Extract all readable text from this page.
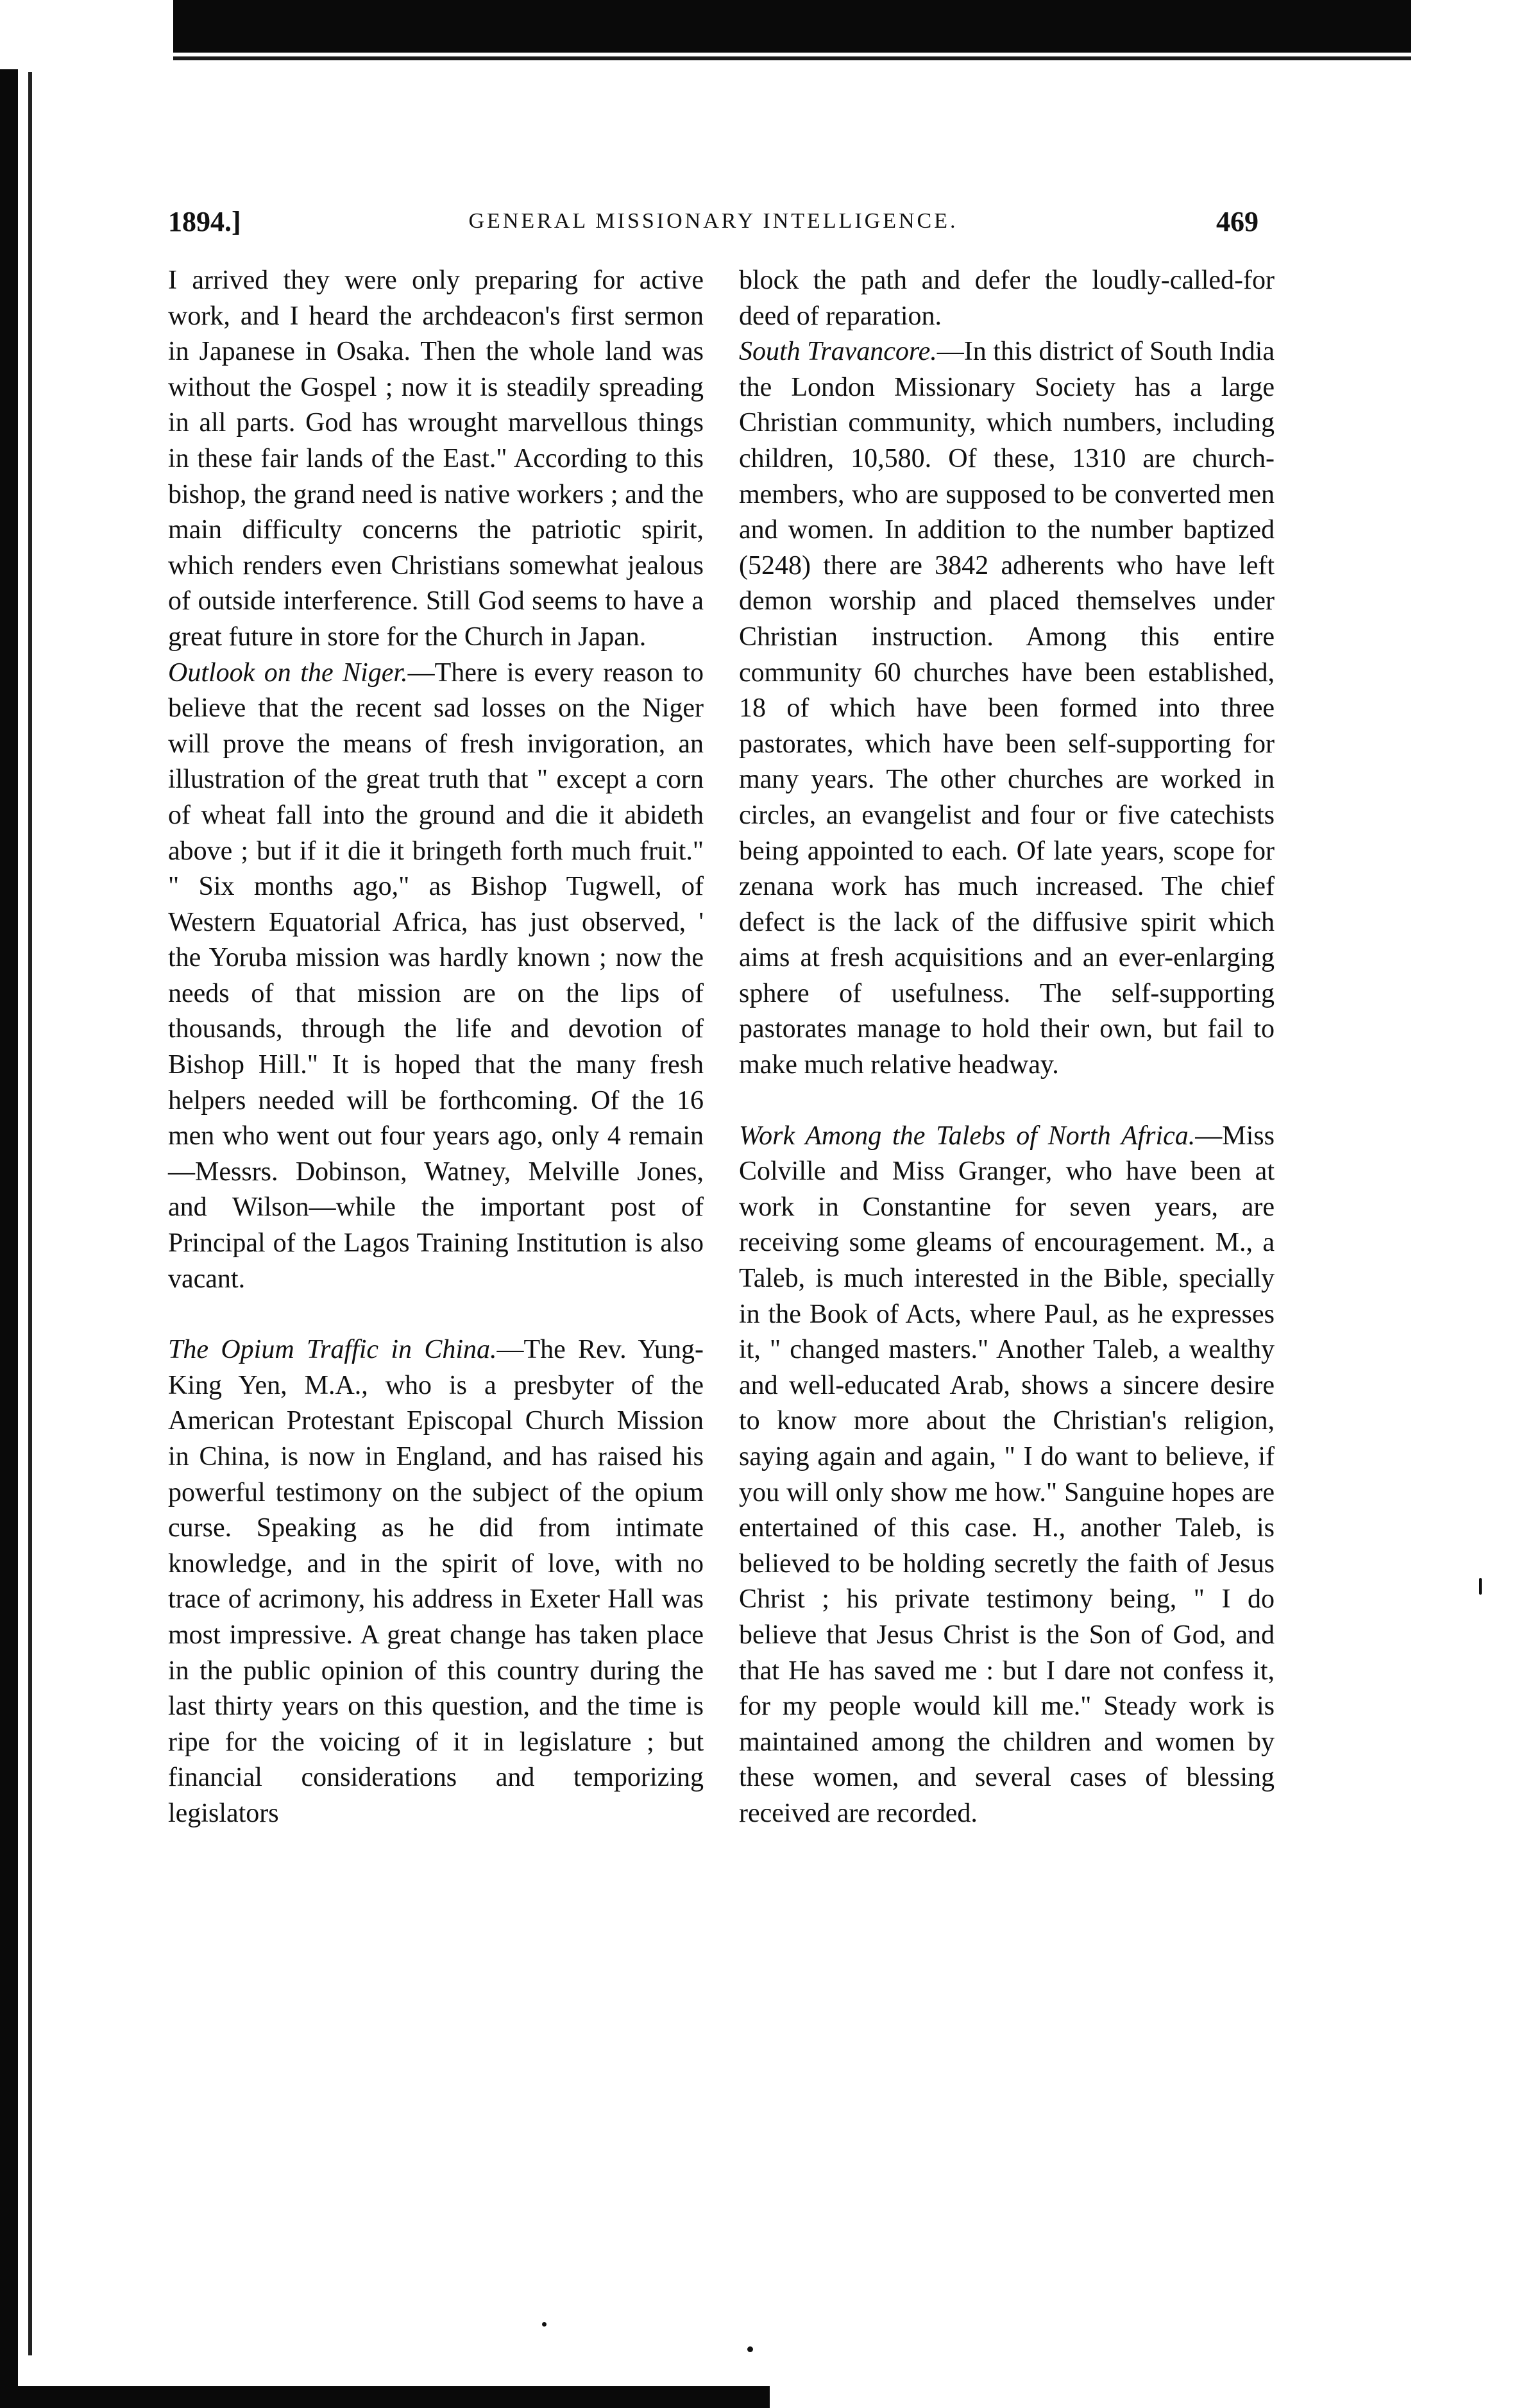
1894.]	GENERAL MISSIONARY INTELLIGENCE.	469

I arrived they were only preparing for active work, and I heard the archdeacon's first sermon in Japanese in Osaka. Then the whole land was without the Gospel ; now it is steadily spreading in all parts. God has wrought marvellous things in these fair lands of the East." According to this bishop, the grand need is native workers ; and the main difficulty concerns the patriotic spirit, which renders even Christians somewhat jealous of outside interference. Still God seems to have a great future in store for the Church in Japan.

Outlook on the Niger.—There is every reason to believe that the recent sad losses on the Niger will prove the means of fresh invigoration, an illustration of the great truth that " except a corn of wheat fall into the ground and die it abideth above ; but if it die it bringeth forth much fruit." " Six months ago," as Bishop Tugwell, of Western Equatorial Africa, has just observed, ' the Yoruba mission was hardly known ; now the needs of that mission are on the lips of thousands, through the life and devotion of Bishop Hill." It is hoped that the many fresh helpers needed will be forthcoming. Of the 16 men who went out four years ago, only 4 remain —Messrs. Dobinson, Watney, Melville Jones, and Wilson—while the important post of Principal of the Lagos Training Institution is also vacant.

The Opium Traffic in China.—The Rev. Yung-King Yen, M.A., who is a presbyter of the American Protestant Episcopal Church Mission in China, is now in England, and has raised his powerful testimony on the subject of the opium curse. Speaking as he did from intimate knowledge, and in the spirit of love, with no trace of acrimony, his address in Exeter Hall was most impressive. A great change has taken place in the public opinion of this country during the last thirty years on this question, and the time is ripe for the voicing of it in legislature ; but financial considerations and temporizing legislators

block the path and defer the loudly-called-for deed of reparation.

South Travancore.—In this district of South India the London Missionary Society has a large Christian community, which numbers, including children, 10,580. Of these, 1310 are church-members, who are supposed to be converted men and women. In addition to the number baptized (5248) there are 3842 adherents who have left demon worship and placed themselves under Christian instruction. Among this entire community 60 churches have been established, 18 of which have been formed into three pastorates, which have been self-supporting for many years. The other churches are worked in circles, an evangelist and four or five catechists being appointed to each. Of late years, scope for zenana work has much increased. The chief defect is the lack of the diffusive spirit which aims at fresh acquisitions and an ever-enlarging sphere of usefulness. The self-supporting pastorates manage to hold their own, but fail to make much relative headway.

Work Among the Talebs of North Africa.—Miss Colville and Miss Granger, who have been at work in Constantine for seven years, are receiving some gleams of encouragement. M., a Taleb, is much interested in the Bible, specially in the Book of Acts, where Paul, as he expresses it, " changed masters." Another Taleb, a wealthy and well-educated Arab, shows a sincere desire to know more about the Christian's religion, saying again and again, " I do want to believe, if you will only show me how." Sanguine hopes are entertained of this case. H., another Taleb, is believed to be holding secretly the faith of Jesus Christ ; his private testimony being, " I do believe that Jesus Christ is the Son of God, and that He has saved me : but I dare not confess it, for my people would kill me." Steady work is maintained among the children and women by these women, and several cases of blessing received are recorded.
